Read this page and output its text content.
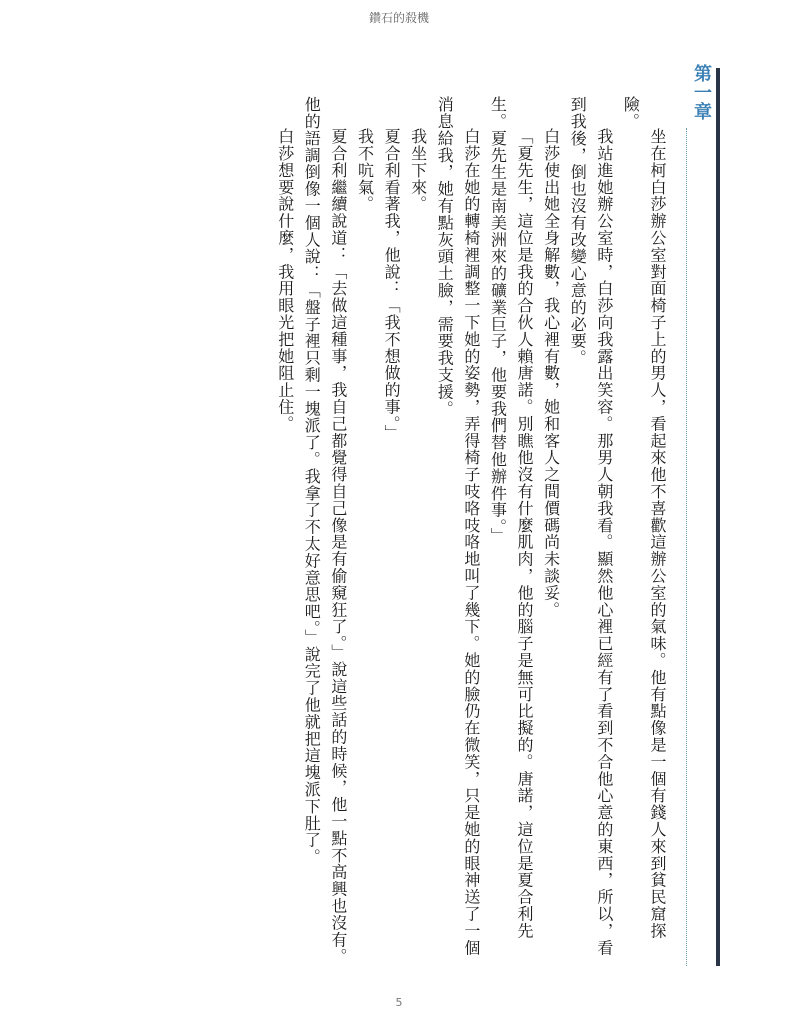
鑽石的殺機
第一章

坐在柯白莎辦公室對面椅子上的男人，看起來他不喜歡這辦公室的氣味。他有點像是一個有錢人來到貧民窟探險。

我站進她辦公室時，白莎向我露出笑容。那男人朝我看。顯然他心裡已經有了看到不合他心意的東西，所以，看到我後，倒也沒有改變心意的必要。

白莎使出她全身解數，我心裡有數，她和客人之間價碼尚未談妥。

「夏先生，這位是我的合伙人賴唐諾。別瞧他沒有什麼肌肉，他的腦子是無可比擬的。唐諾，這位是夏合利先生。夏先生是南美洲來的礦業巨子，他要我們替他辦件事。」

白莎在她的轉椅裡調整一下她的姿勢，弄得椅子吱咯吱咯地叫了幾下。她的臉仍在微笑，只是她的眼神送了一個消息給我，她有點灰頭土臉，需要我支援。

我坐下來。

夏合利看著我，他說：「我不想做的事。」

我不吭氣。

夏合利繼續說道：「去做這種事，我自己都覺得自己像是有偷窺狂了。」說這些話的時候，他一點不高興也沒有。他的語調倒像一個人說：「盤子裡只剩一塊派了。我拿了不太好意思吧。」說完了他就把這塊派下肚了。

白莎想要說什麼，我用眼光把她阻止住。

5
